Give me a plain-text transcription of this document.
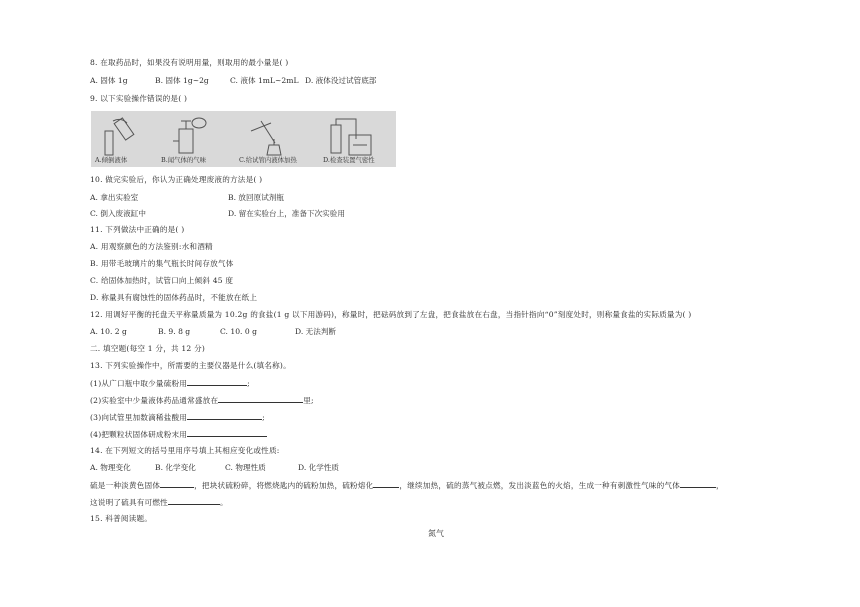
8. 在取药品时，如果没有说明用量，则取用的最小量是( )
A. 固体 1g	B. 固体 1g~2g	C. 液体 1mL~2mL D. 液体没过试管底部
9. 以下实验操作错误的是( )
A.倾倒液体	B.闻气体的气味	C.给试管内液体加热	D.检查装置气密性
10. 做完实验后，你认为正确处理废液的方法是( )
A. 拿出实验室	B. 放回原试剂瓶
C. 倒入废液缸中	D. 留在实验台上，准备下次实验用
11. 下列做法中正确的是( )
A. 用观察颜色的方法鉴别:水和酒精
B. 用带毛玻璃片的集气瓶长时间存放气体
C. 给固体加热时，试管口向上倾斜 45 度
D. 称量具有腐蚀性的固体药品时，不能放在纸上
12. 用调好平衡的托盘天平称量质量为 10.2g 的食盐(1 g 以下用游码)，称量时，把砝码放到了左盘，把食盐放在右盘，当指针指向“0”刻度处时，则称量食盐的实际质量为( )
A. 10. 2 g	B. 9. 8 g	C. 10. 0 g	D. 无法判断
二. 填空题(每空 1 分，共 12 分)
13. 下列实验操作中，所需要的主要仪器是什么(填名称)。
(1)从广口瓶中取少量硫粉用	;
(2)实验室中少量液体药品通常盛放在	里;
(3)向试管里加数滴稀盐酸用	;
(4)把颗粒状固体研成粉末用
14. 在下列短文的括号里用序号填上其相应变化或性质:
A. 物理变化	B. 化学变化	C. 物理性质	D. 化学性质
硫是一种淡黄色固体	，把块状硫粉碎，将燃烧匙内的硫粉加热，硫粉熔化	，继续加热，硫的蒸气被点燃，发出淡蓝色的火焰，生成一种有刺激性气味的气体	，
这说明了硫具有可燃性	。
15. 科普阅读题。
氮气
